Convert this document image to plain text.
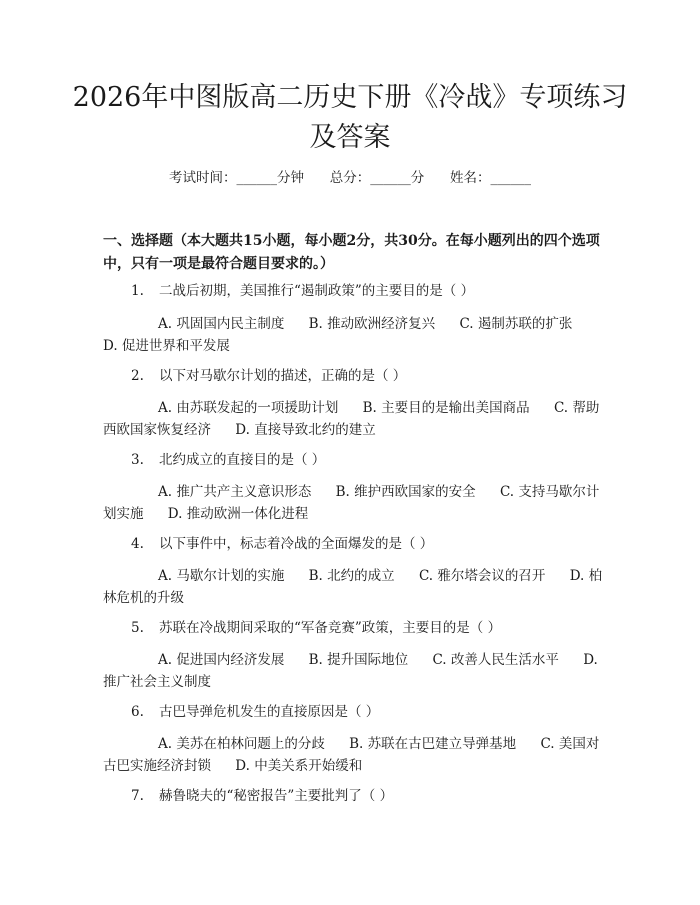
2026年中图版高二历史下册《冷战》专项练习及答案
考试时间：______分钟      总分：______分      姓名：______
一、选择题（本大题共15小题，每小题2分，共30分。在每小题列出的四个选项中，只有一项是最符合题目要求的。）
1. 二战后初期，美国推行“遏制政策”的主要目的是（ ）
A. 巩固国内民主制度 B. 推动欧洲经济复兴 C. 遏制苏联的扩张 D. 促进世界和平发展
2. 以下对马歇尔计划的描述，正确的是（ ）
A. 由苏联发起的一项援助计划 B. 主要目的是输出美国商品 C. 帮助西欧国家恢复经济 D. 直接导致北约的建立
3. 北约成立的直接目的是（ ）
A. 推广共产主义意识形态 B. 维护西欧国家的安全 C. 支持马歇尔计划实施 D. 推动欧洲一体化进程
4. 以下事件中，标志着冷战的全面爆发的是（ ）
A. 马歇尔计划的实施 B. 北约的成立 C. 雅尔塔会议的召开 D. 柏林危机的升级
5. 苏联在冷战期间采取的“军备竞赛”政策，主要目的是（ ）
A. 促进国内经济发展 B. 提升国际地位 C. 改善人民生活水平 D. 推广社会主义制度
6. 古巴导弹危机发生的直接原因是（ ）
A. 美苏在柏林问题上的分歧 B. 苏联在古巴建立导弹基地 C. 美国对古巴实施经济封锁 D. 中美关系开始缓和
7. 赫鲁晓夫的“秘密报告”主要批判了（ ）
